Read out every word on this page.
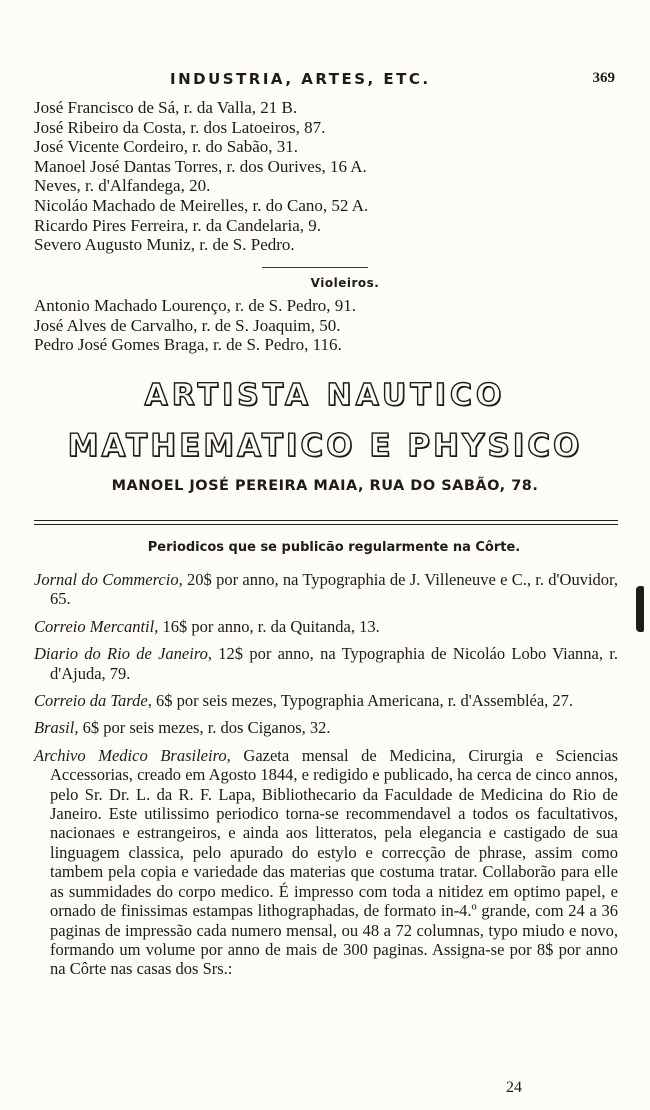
INDUSTRIA, ARTES, ETC.	369
José Francisco de Sá, r. da Valla, 21 B.
José Ribeiro da Costa, r. dos Latoeiros, 87.
José Vicente Cordeiro, r. do Sabão, 31.
Manoel José Dantas Torres, r. dos Ourives, 16 A.
Neves, r. d'Alfandega, 20.
Nicoláo Machado de Meirelles, r. do Cano, 52 A.
Ricardo Pires Ferreira, r. da Candelaria, 9.
Severo Augusto Muniz, r. de S. Pedro.
Violeiros.
Antonio Machado Lourenço, r. de S. Pedro, 91.
José Alves de Carvalho, r. de S. Joaquim, 50.
Pedro José Gomes Braga, r. de S. Pedro, 116.
ARTISTA NAUTICO
MATHEMATICO E PHYSICO
MANOEL JOSÉ PEREIRA MAIA, RUA DO SABÃO, 78.
Periodicos que se publicão regularmente na Côrte.
Jornal do Commercio, 20$ por anno, na Typographia de J. Villeneuve e C., r. d'Ouvidor, 65.
Correio Mercantil, 16$ por anno, r. da Quitanda, 13.
Diario do Rio de Janeiro, 12$ por anno, na Typographia de Nicoláo Lobo Vianna, r. d'Ajuda, 79.
Correio da Tarde, 6$ por seis mezes, Typographia Americana, r. d'Assembléa, 27.
Brasil, 6$ por seis mezes, r. dos Ciganos, 32.
Archivo Medico Brasileiro, Gazeta mensal de Medicina, Cirurgia e Sciencias Accessorias, creado em Agosto 1844, e redigido e publicado, ha cerca de cinco annos, pelo Sr. Dr. L. da R. F. Lapa, Bibliothecario da Faculdade de Medicina do Rio de Janeiro. Este utilissimo periodico torna-se recommendavel a todos os facultativos, nacionaes e estrangeiros, e ainda aos litteratos, pela elegancia e castigado de sua linguagem classica, pelo apurado do estylo e correcção de phrase, assim como tambem pela copia e variedade das materias que costuma tratar. Collaborão para elle as summidades do corpo medico. É impresso com toda a nitidez em optimo papel, e ornado de finissimas estampas lithographadas, de formato in-4.º grande, com 24 a 36 paginas de impressão cada numero mensal, ou 48 a 72 columnas, typo miudo e novo, formando um volume por anno de mais de 300 paginas. Assigna-se por 8$ por anno na Côrte nas casas dos Srs.:
24
